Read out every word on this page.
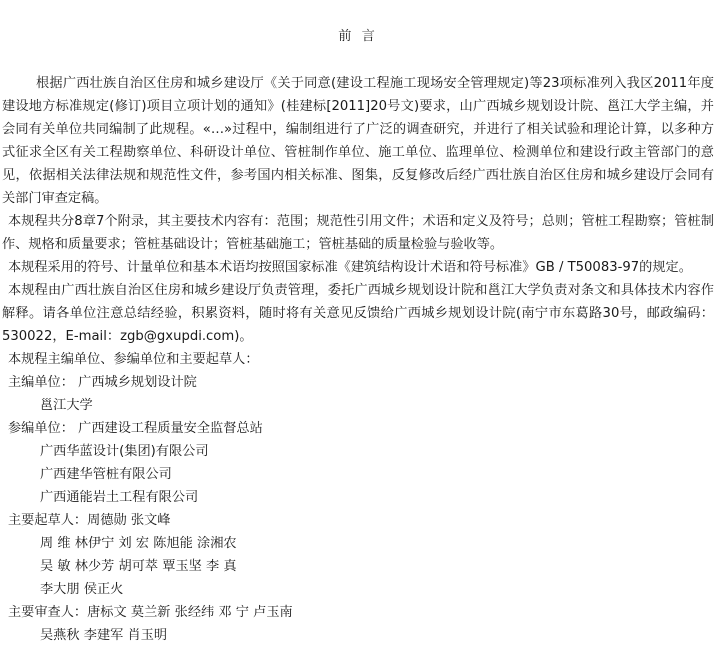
前 言

根据广西壮族自治区住房和城乡建设厅《关于同意(建设工程施工现场安全管理规定)等23项标准列入我区2011年度建设地方标准规定(修订)项目立项计划的通知》(桂建标[2011]20号文)要求，山广西城乡规划设计院、邕江大学主编，并会同有关单位共同编制了此规程。«…»过程中，编制组进行了广泛的调查研究，并进行了相关试验和理论计算，以多种方式征求全区有关工程勘察单位、科研设计单位、管桩制作单位、施工单位、监理单位、检测单位和建设行政主管部门的意见，依据相关法律法规和规范性文件，参考国内相关标准、图集，反复修改后经广西壮族自治区住房和城乡建设厅会同有关部门审查定稿。

本规程共分8章7个附录，其主要技术内容有：范围；规范性引用文件；术语和定义及符号；总则；管桩工程勘察；管桩制作、规格和质量要求；管桩基础设计；管桩基础施工；管桩基础的质量检验与验收等。

本规程采用的符号、计量单位和基本术语均按照国家标准《建筑结构设计术语和符号标准》GB / T50083-97的规定。

本规程由广西壮族自治区住房和城乡建设厅负责管理，委托广西城乡规划设计院和邕江大学负责对条文和具体技术内容作解释。请各单位注意总结经验，积累资料，随时将有关意见反馈给广西城乡规划设计院(南宁市东葛路30号，邮政编码：530022，E-mail：zgb@gxupdi.com)。

本规程主编单位、参编单位和主要起草人：
主编单位： 广西城乡规划设计院
邕江大学
参编单位： 广西建设工程质量安全监督总站
广西华蓝设计(集团)有限公司
广西建华管桩有限公司
广西通能岩土工程有限公司
主要起草人：周德勋 张文峰
周 维 林伊宁 刘 宏 陈旭能 涂湘农
吴 敏 林少芳 胡可萃 覃玉坚 李 真
李大朋 侯正火
主要审查人：唐标文 莫兰新 张经纬 邓 宁 卢玉南
吴燕秋 李建军 肖玉明
